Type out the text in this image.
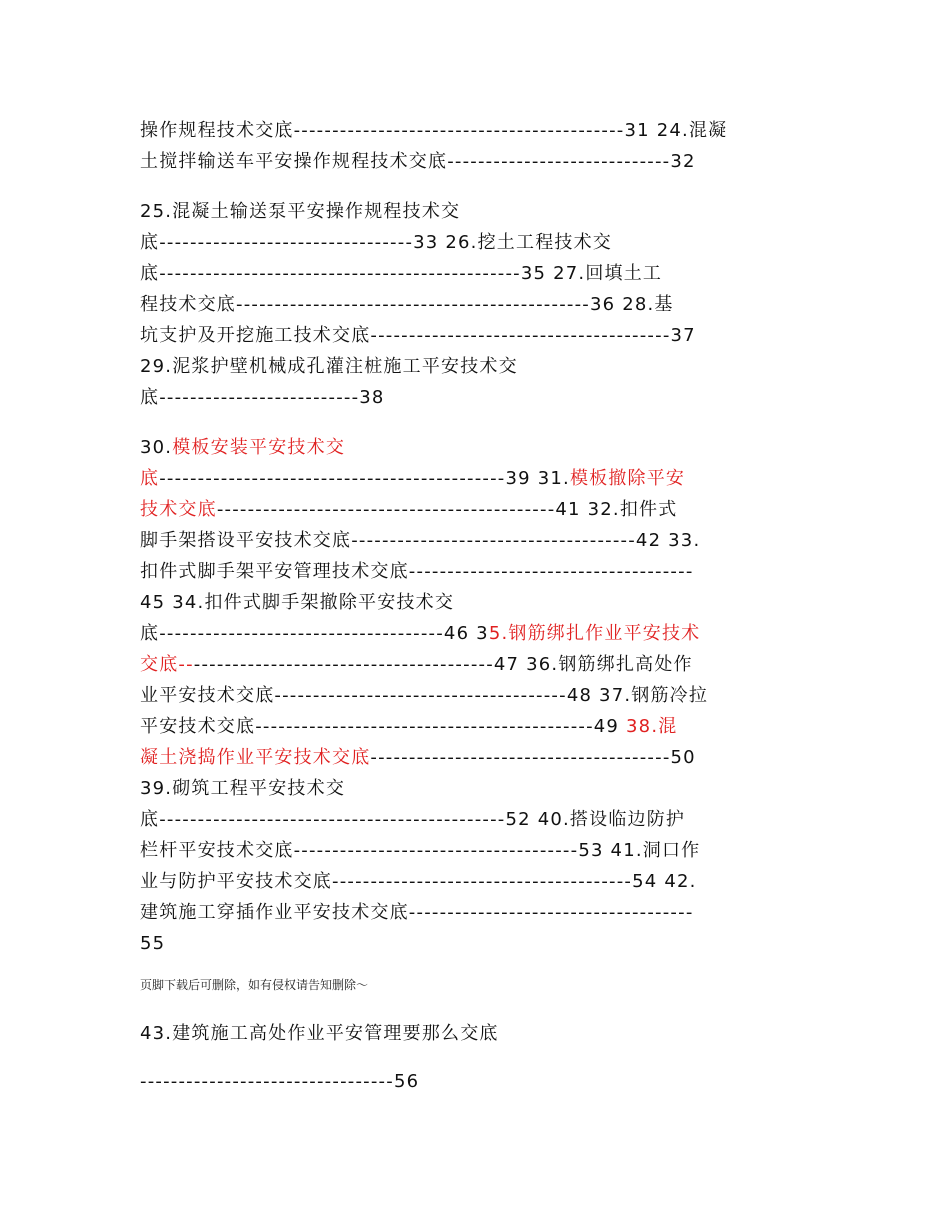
操作规程技术交底-------------------------------------------31 24.混凝
土搅拌输送车平安操作规程技术交底-----------------------------32
25.混凝土输送泵平安操作规程技术交
底---------------------------------33 26.挖土工程技术交
底-----------------------------------------------35 27.回填土工
程技术交底----------------------------------------------36 28.基
坑支护及开挖施工技术交底---------------------------------------37
29.泥浆护壁机械成孔灌注桩施工平安技术交
底--------------------------38
30.模板安装平安技术交
底---------------------------------------------39 31.模板撤除平安
技术交底--------------------------------------------41 32.扣件式
脚手架搭设平安技术交底-------------------------------------42 33.
扣件式脚手架平安管理技术交底-------------------------------------
45 34.扣件式脚手架撤除平安技术交
底-------------------------------------46 35.钢筋绑扎作业平安技术
交底-----------------------------------------47 36.钢筋绑扎高处作
业平安技术交底--------------------------------------48 37.钢筋冷拉
平安技术交底--------------------------------------------49 38.混
凝土浇捣作业平安技术交底---------------------------------------50
39.砌筑工程平安技术交
底---------------------------------------------52 40.搭设临边防护
栏杆平安技术交底-------------------------------------53 41.洞口作
业与防护平安技术交底---------------------------------------54 42.
建筑施工穿插作业平安技术交底-------------------------------------
55
页脚下载后可删除，如有侵权请告知删除～
43.建筑施工高处作业平安管理要那么交底
---------------------------------56
